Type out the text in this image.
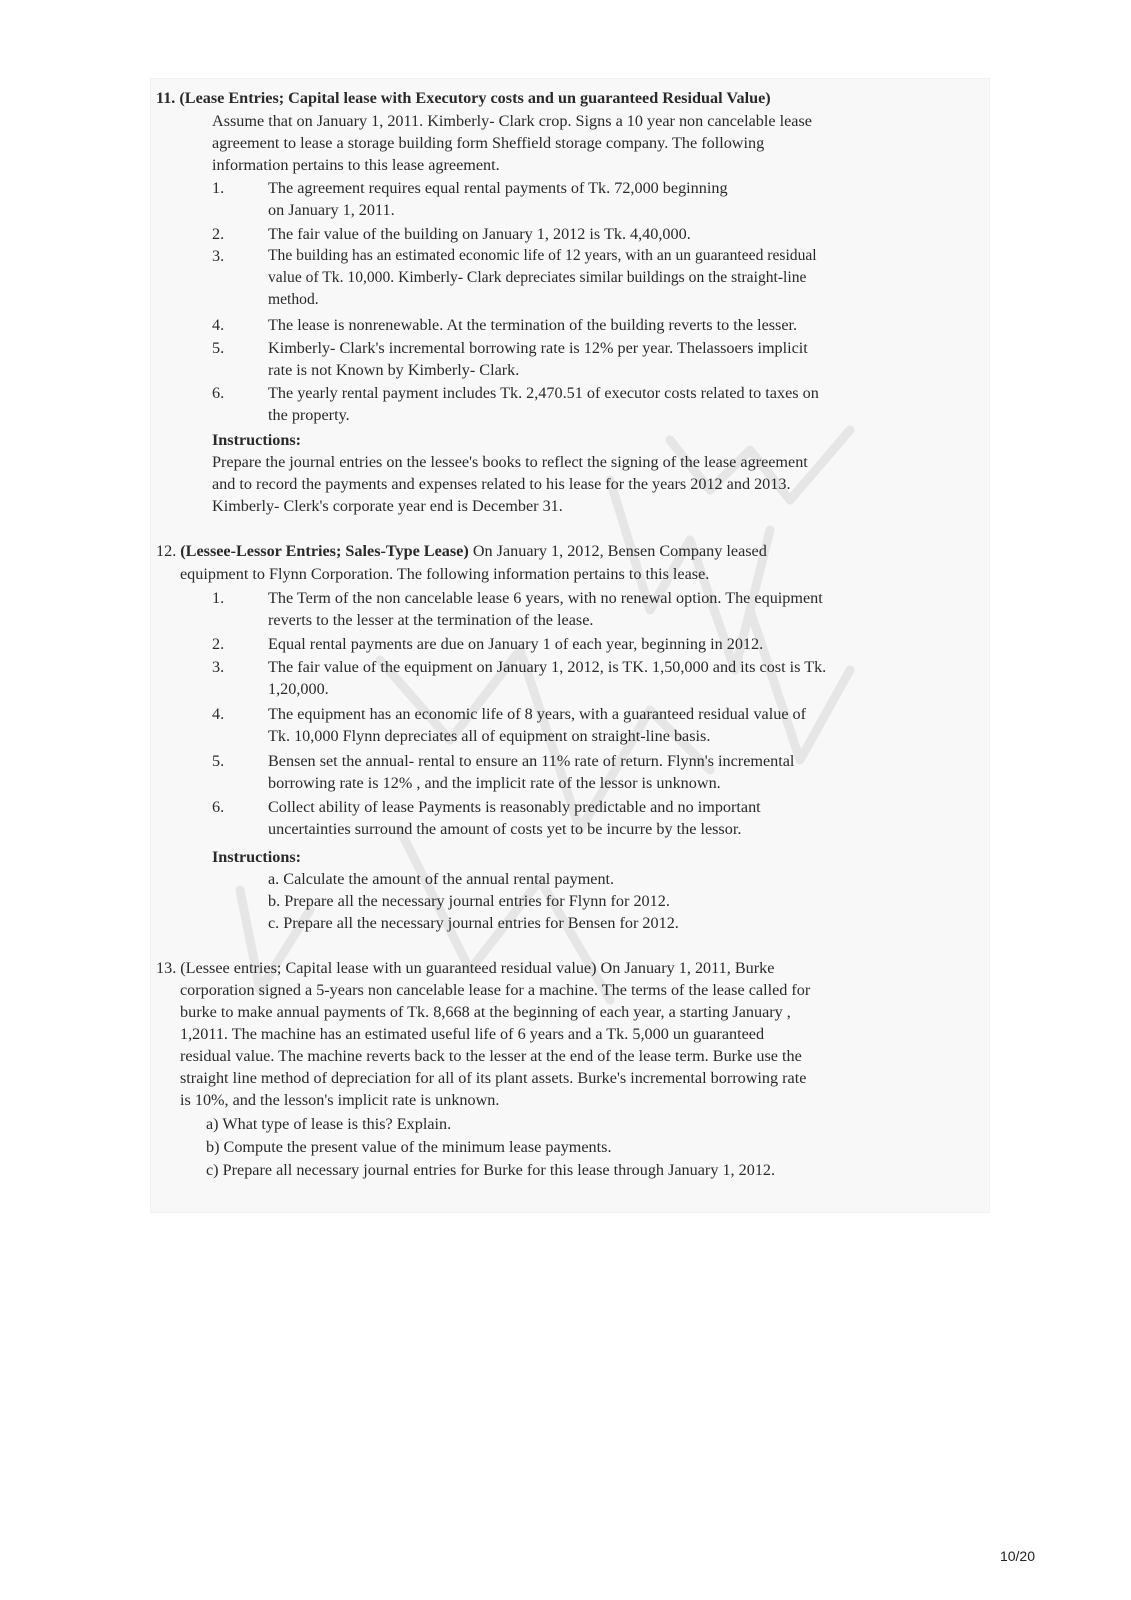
11. (Lease Entries; Capital lease with Executory costs and un guaranteed Residual Value)
Assume that on January 1, 2011. Kimberly- Clark crop. Signs a 10 year non cancelable lease
agreement to lease a storage building form Sheffield storage company. The following
information pertains to this lease agreement.
1.	The agreement requires equal rental payments of Tk. 72,000 beginning
on January 1, 2011.
2.	The fair value of the building on January 1, 2012 is Tk. 4,40,000.
3.	The building has an estimated economic life of 12 years, with an un guaranteed residual
value of Tk. 10,000. Kimberly- Clark depreciates similar buildings on the straight-line
method.
4.	The lease is nonrenewable. At the termination of the building reverts to the lesser.
5.	Kimberly- Clark's incremental borrowing rate is 12% per year. Thelassoers implicit
rate is not Known by Kimberly- Clark.
6.	The yearly rental payment includes Tk. 2,470.51 of executor costs related to taxes on
the property.
Instructions:
Prepare the journal entries on the lessee's books to reflect the signing of the lease agreement
and to record the payments and expenses related to his lease for the years 2012 and 2013.
Kimberly- Clerk's corporate year end is December 31.
12. (Lessee-Lessor Entries; Sales-Type Lease) On January 1, 2012, Bensen Company leased
equipment to Flynn Corporation. The following information pertains to this lease.
1.	The Term of the non cancelable lease 6 years, with no renewal option. The equipment
reverts to the lesser at the termination of the lease.
2.	Equal rental payments are due on January 1 of each year, beginning in 2012.
3.	The fair value of the equipment on January 1, 2012, is TK. 1,50,000 and its cost is Tk.
1,20,000.
4.	The equipment has an economic life of 8 years, with a guaranteed residual value of
Tk. 10,000 Flynn depreciates all of equipment on straight-line basis.
5.	Bensen set the annual- rental to ensure an 11% rate of return. Flynn's incremental
borrowing rate is 12% , and the implicit rate of the lessor is unknown.
6.	Collect ability of lease Payments is reasonably predictable and no important
uncertainties surround the amount of costs yet to be incurre by the lessor.
Instructions:
a. Calculate the amount of the annual rental payment.
b. Prepare all the necessary journal entries for Flynn for 2012.
c. Prepare all the necessary journal entries for Bensen for 2012.
13. (Lessee entries; Capital lease with un guaranteed residual value) On January 1, 2011, Burke
corporation signed a 5-years non cancelable lease for a machine. The terms of the lease called for
burke to make annual payments of Tk. 8,668 at the beginning of each year, a starting January ,
1,2011. The machine has an estimated useful life of 6 years and a Tk. 5,000 un guaranteed
residual value. The machine reverts back to the lesser at the end of the lease term. Burke use the
straight line method of depreciation for all of its plant assets. Burke's incremental borrowing rate
is 10%, and the lesson's implicit rate is unknown.
a) What type of lease is this? Explain.
b) Compute the present value of the minimum lease payments.
c) Prepare all necessary journal entries for Burke for this lease through January 1, 2012.
10/20
